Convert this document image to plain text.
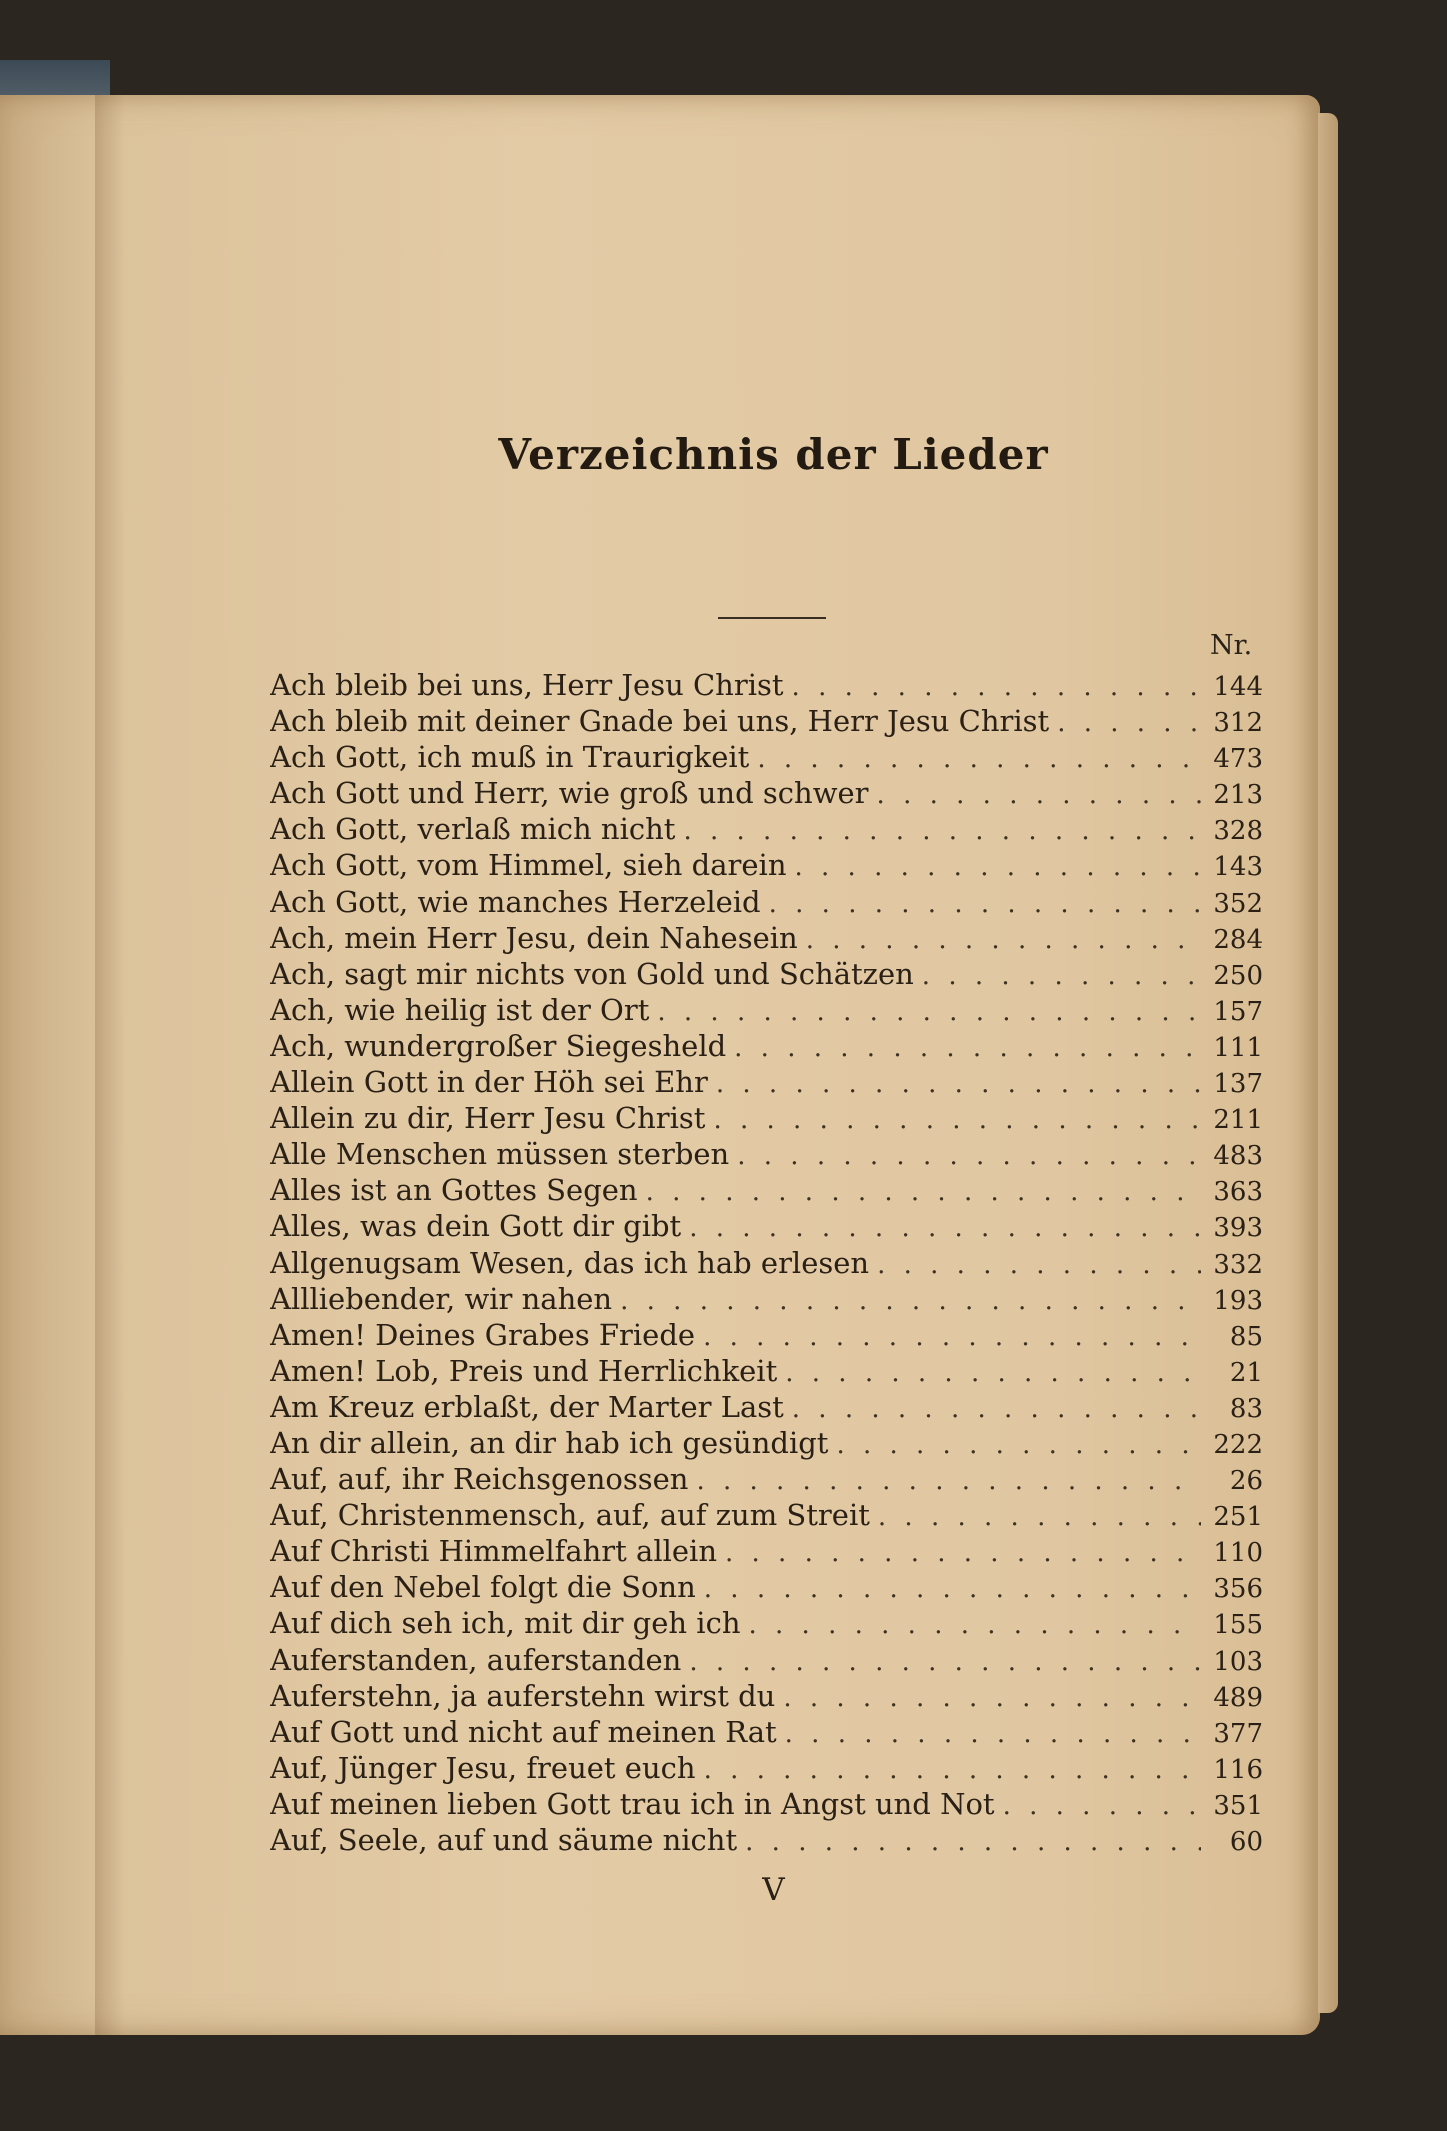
Verzeichnis der Lieder
Nr.
Ach bleib bei uns, Herr Jesu Christ . . .	144
Ach bleib mit deiner Gnade bei uns, Herr Jesu Christ . . .	312
Ach Gott, ich muß in Traurigkeit . . .	473
Ach Gott und Herr, wie groß und schwer . . .	213
Ach Gott, verlaß mich nicht . . .	328
Ach Gott, vom Himmel, sieh darein . . .	143
Ach Gott, wie manches Herzeleid . . .	352
Ach, mein Herr Jesu, dein Nahesein . . .	284
Ach, sagt mir nichts von Gold und Schätzen . . .	250
Ach, wie heilig ist der Ort . . .	157
Ach, wundergroßer Siegesheld . . .	111
Allein Gott in der Höh sei Ehr . . .	137
Allein zu dir, Herr Jesu Christ . . .	211
Alle Menschen müssen sterben . . .	483
Alles ist an Gottes Segen . . .	363
Alles, was dein Gott dir gibt . . .	393
Allgenugsam Wesen, das ich hab erlesen . . .	332
Allliebender, wir nahen . . .	193
Amen! Deines Grabes Friede . . .	85
Amen! Lob, Preis und Herrlichkeit . . .	21
Am Kreuz erblaßt, der Marter Last . . .	83
An dir allein, an dir hab ich gesündigt . . .	222
Auf, auf, ihr Reichsgenossen . . .	26
Auf, Christenmensch, auf, auf zum Streit . . .	251
Auf Christi Himmelfahrt allein . . .	110
Auf den Nebel folgt die Sonn . . .	356
Auf dich seh ich, mit dir geh ich . . .	155
Auferstanden, auferstanden . . .	103
Auferstehn, ja auferstehn wirst du . . .	489
Auf Gott und nicht auf meinen Rat . . .	377
Auf, Jünger Jesu, freuet euch . . .	116
Auf meinen lieben Gott trau ich in Angst und Not . . .	351
Auf, Seele, auf und säume nicht . . .	60
V
